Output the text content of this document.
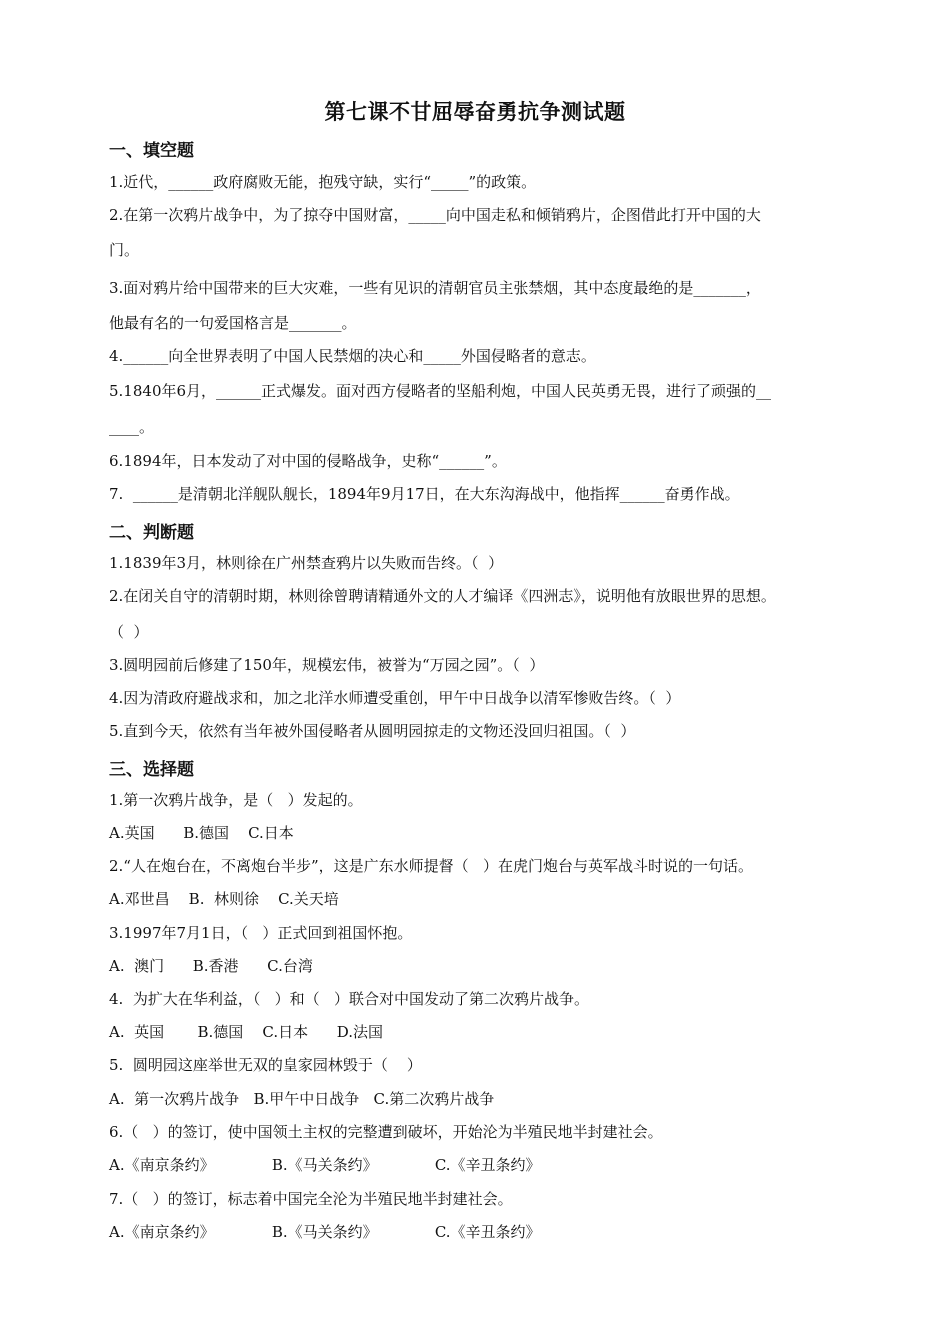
第七课不甘屈辱奋勇抗争测试题
一、填空题
1.近代，______政府腐败无能，抱残守缺，实行“_____”的政策。
2.在第一次鸦片战争中，为了掠夺中国财富，_____向中国走私和倾销鸦片，企图借此打开中国的大
门。
3.面对鸦片给中国带来的巨大灾难，一些有见识的清朝官员主张禁烟，其中态度最绝的是_______，
他最有名的一句爱国格言是_______。
4.______向全世界表明了中国人民禁烟的决心和_____外国侵略者的意志。
5.1840年6月，______正式爆发。面对西方侵略者的坚船利炮，中国人民英勇无畏，进行了顽强的__
____。
6.1894年，日本发动了对中国的侵略战争，史称“______”。
7.  ______是清朝北洋舰队舰长，1894年9月17日，在大东沟海战中，他指挥______奋勇作战。
二、判断题
1.1839年3月，林则徐在广州禁查鸦片以失败而告终。（  ）
2.在闭关自守的清朝时期，林则徐曾聘请精通外文的人才编译《四洲志》，说明他有放眼世界的思想。
（  ）
3.圆明园前后修建了150年，规模宏伟，被誉为“万园之园”。（  ）
4.因为清政府避战求和，加之北洋水师遭受重创，甲午中日战争以清军惨败告终。（  ）
5.直到今天，依然有当年被外国侵略者从圆明园掠走的文物还没回归祖国。（  ）
三、选择题
1.第一次鸦片战争，是（   ）发起的。
A.英国      B.德国    C.日本
2.“人在炮台在，不离炮台半步”，这是广东水师提督（   ）在虎门炮台与英军战斗时说的一句话。
A.邓世昌    B.  林则徐    C.关天培
3.1997年7月1日，（   ）正式回到祖国怀抱。
A.  澳门      B.香港      C.台湾
4.  为扩大在华利益，（   ）和（   ）联合对中国发动了第二次鸦片战争。
A.  英国       B.德国    C.日本      D.法国
5.  圆明园这座举世无双的皇家园林毁于（    ）
A.  第一次鸦片战争   B.甲午中日战争   C.第二次鸦片战争
6.（   ）的签订，使中国领土主权的完整遭到破坏，开始沦为半殖民地半封建社会。
A.《南京条约》            B.《马关条约》            C.《辛丑条约》
7.（   ）的签订，标志着中国完全沦为半殖民地半封建社会。
A.《南京条约》            B.《马关条约》            C.《辛丑条约》
